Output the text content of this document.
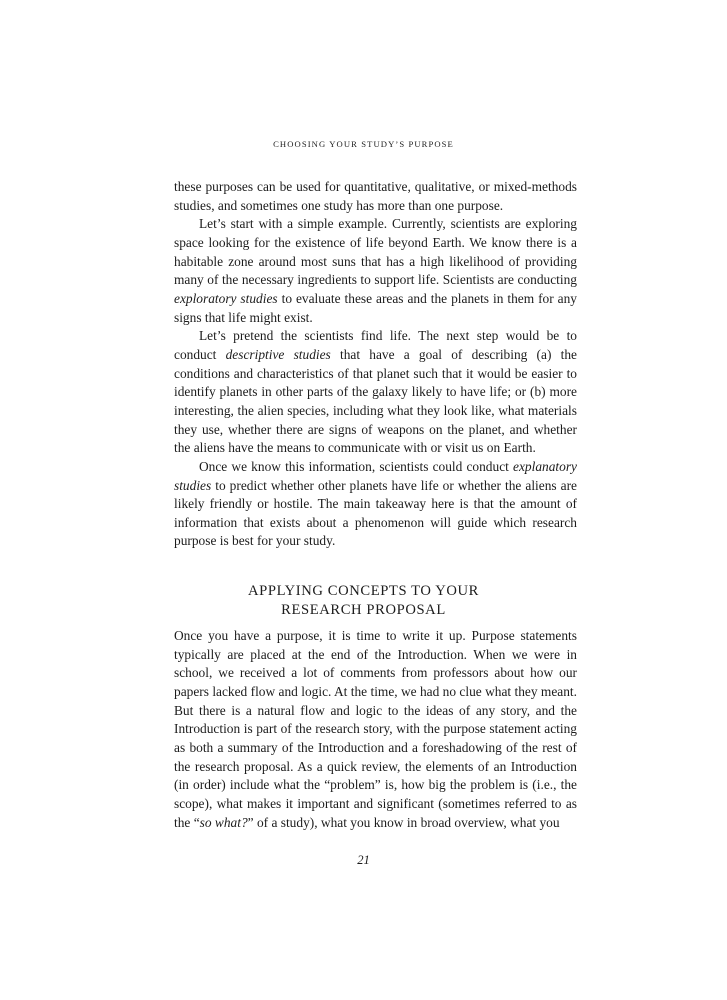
CHOOSING YOUR STUDY’S PURPOSE

these purposes can be used for quantitative, qualitative, or mixed-methods studies, and sometimes one study has more than one purpose.

Let’s start with a simple example. Currently, scientists are exploring space looking for the existence of life beyond Earth. We know there is a habitable zone around most suns that has a high likelihood of providing many of the necessary ingredients to support life. Scientists are conducting exploratory studies to evaluate these areas and the planets in them for any signs that life might exist.

Let’s pretend the scientists find life. The next step would be to conduct descriptive studies that have a goal of describing (a) the conditions and characteristics of that planet such that it would be easier to identify planets in other parts of the galaxy likely to have life; or (b) more interesting, the alien species, including what they look like, what materials they use, whether there are signs of weapons on the planet, and whether the aliens have the means to communicate with or visit us on Earth.

Once we know this information, scientists could conduct explanatory studies to predict whether other planets have life or whether the aliens are likely friendly or hostile. The main takeaway here is that the amount of information that exists about a phenomenon will guide which research purpose is best for your study.

APPLYING CONCEPTS TO YOUR
RESEARCH PROPOSAL

Once you have a purpose, it is time to write it up. Purpose statements typically are placed at the end of the Introduction. When we were in school, we received a lot of comments from professors about how our papers lacked flow and logic. At the time, we had no clue what they meant. But there is a natural flow and logic to the ideas of any story, and the Introduction is part of the research story, with the purpose statement acting as both a summary of the Introduction and a foreshadowing of the rest of the research proposal. As a quick review, the elements of an Introduction (in order) include what the “problem” is, how big the problem is (i.e., the scope), what makes it important and significant (sometimes referred to as the “so what?” of a study), what you know in broad overview, what you

21
